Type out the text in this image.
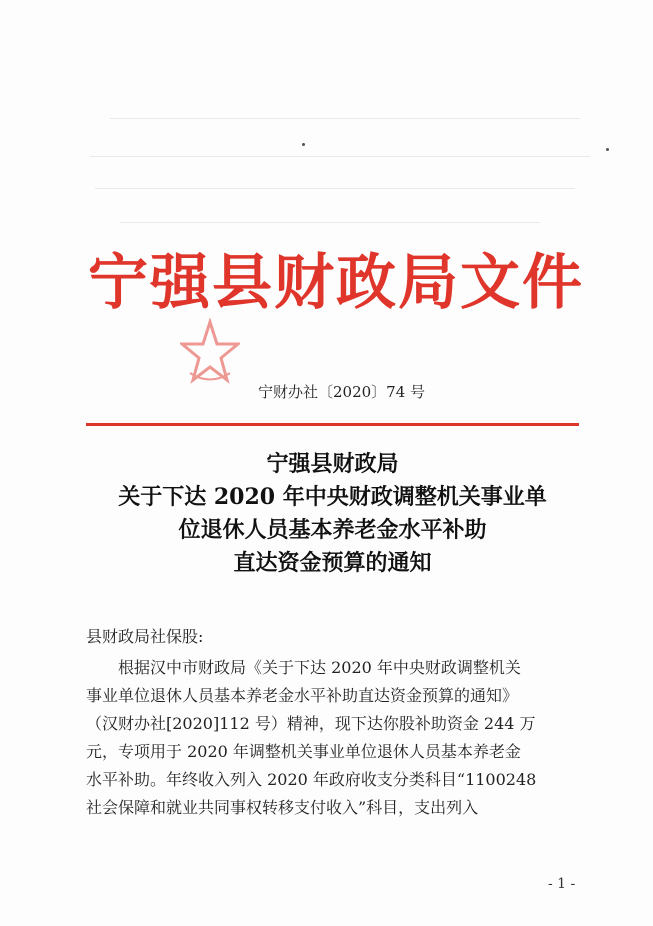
宁强县财政局文件
宁财办社〔2020〕74 号
宁强县财政局
关于下达 2020 年中央财政调整机关事业单
位退休人员基本养老金水平补助
直达资金预算的通知
县财政局社保股:
根据汉中市财政局《关于下达 2020 年中央财政调整机关
事业单位退休人员基本养老金水平补助直达资金预算的通知》
（汉财办社[2020]112 号）精神，现下达你股补助资金 244 万
元，专项用于 2020 年调整机关事业单位退休人员基本养老金
水平补助。年终收入列入 2020 年政府收支分类科目“1100248
社会保障和就业共同事权转移支付收入”科目，支出列入
- 1 -
